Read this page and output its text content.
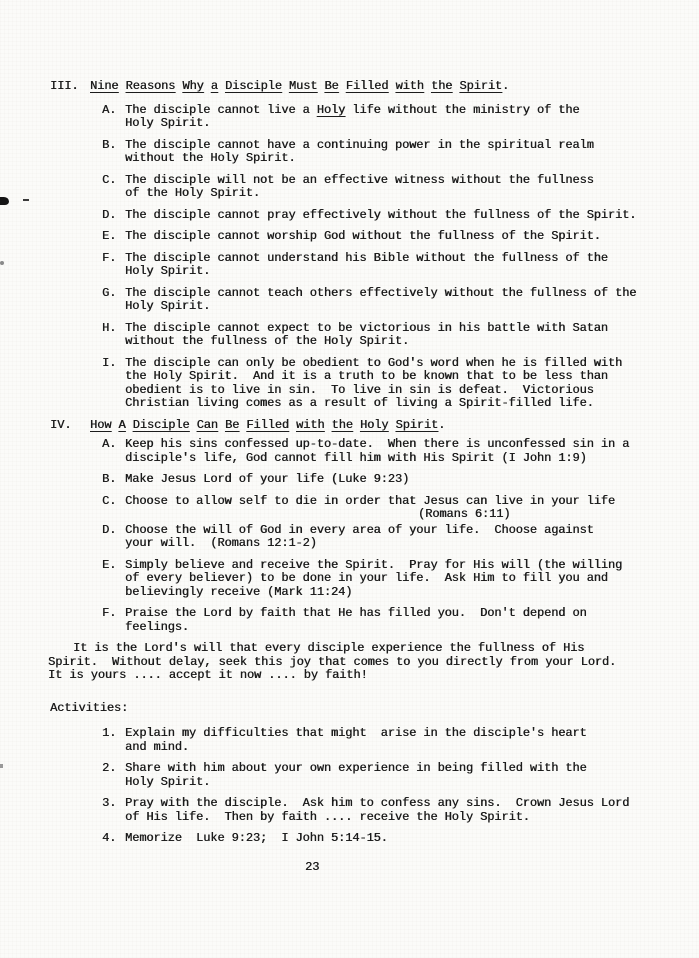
III. Nine Reasons Why a Disciple Must Be Filled with the Spirit.
A. The disciple cannot live a Holy life without the ministry of the
Holy Spirit.
B. The disciple cannot have a continuing power in the spiritual realm
without the Holy Spirit.
C. The disciple will not be an effective witness without the fullness
of the Holy Spirit.
D. The disciple cannot pray effectively without the fullness of the Spirit.
E. The disciple cannot worship God without the fullness of the Spirit.
F. The disciple cannot understand his Bible without the fullness of the
Holy Spirit.
G. The disciple cannot teach others effectively without the fullness of the
Holy Spirit.
H. The disciple cannot expect to be victorious in his battle with Satan
without the fullness of the Holy Spirit.
I. The disciple can only be obedient to God's word when he is filled with
the Holy Spirit.  And it is a truth to be known that to be less than
obedient is to live in sin.  To live in sin is defeat.  Victorious
Christian living comes as a result of living a Spirit-filled life.
IV.	How A Disciple Can Be Filled with the Holy Spirit.
A. Keep his sins confessed up-to-date.  When there is unconfessed sin in a
disciple's life, God cannot fill him with His Spirit (I John 1:9)
B. Make Jesus Lord of your life (Luke 9:23)
C. Choose to allow self to die in order that Jesus can live in your life
(Romans 6:11)
D. Choose the will of God in every area of your life.  Choose against
your will.  (Romans 12:1-2)
E. Simply believe and receive the Spirit.  Pray for His will (the willing
of every believer) to be done in your life.  Ask Him to fill you and
believingly receive (Mark 11:24)
F. Praise the Lord by faith that He has filled you.  Don't depend on
feelings.
It is the Lord's will that every disciple experience the fullness of His
Spirit.  Without delay, seek this joy that comes to you directly from your Lord.
It is yours .... accept it now .... by faith!
Activities:
1. Explain my difficulties that might  arise in the disciple's heart
and mind.
2. Share with him about your own experience in being filled with the
Holy Spirit.
3. Pray with the disciple.  Ask him to confess any sins.  Crown Jesus Lord
of His life.  Then by faith .... receive the Holy Spirit.
4. Memorize  Luke 9:23;  I John 5:14-15.
23
